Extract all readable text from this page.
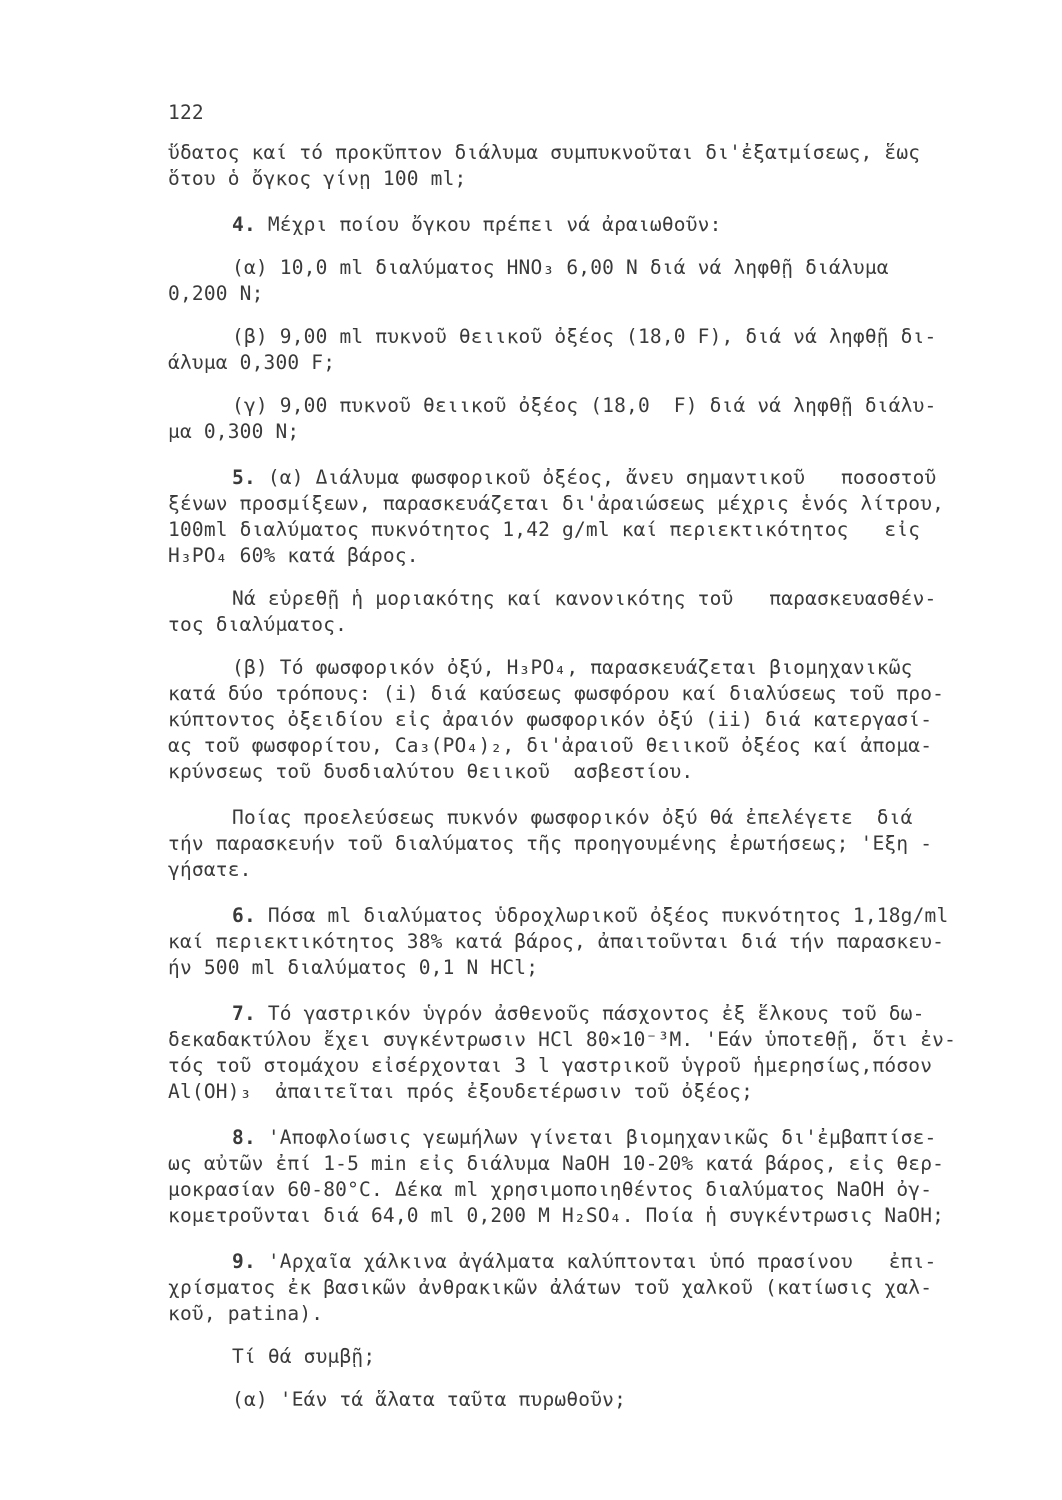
122
ὕδατος καί τό προκῦπτον διάλυμα συμπυκνοῦται δι'ἐξατμίσεως, ἕως
ὅτου ὁ ὄγκος γίνῃ 100 ml;
4. Μέχρι ποίου ὄγκου πρέπει νά ἀραιωθοῦν:
(α) 10,0 ml διαλύματος HNO₃ 6,00 N διά νά ληφθῇ διάλυμα
0,200 N;
(β) 9,00 ml πυκνοῦ θειικοῦ ὀξέος (18,0 F), διά νά ληφθῇ δι-
άλυμα 0,300 F;
(γ) 9,00 πυκνοῦ θειικοῦ ὀξέος (18,0  F) διά νά ληφθῇ διάλυ-
μα 0,300 N;
5. (α) Διάλυμα φωσφορικοῦ ὀξέος, ἄνευ σημαντικοῦ   ποσοστοῦ
ξένων προσμίξεων, παρασκευάζεται δι'ἀραιώσεως μέχρις ἑνός λίτρου,
100ml διαλύματος πυκνότητος 1,42 g/ml καί περιεκτικότητος   εἰς
H₃PO₄ 60% κατά βάρος.
Νά εὑρεθῇ ἡ μοριακότης καί κανονικότης τοῦ   παρασκευασθέν-
τος διαλύματος.
(β) Τό φωσφορικόν ὀξύ, H₃PO₄, παρασκευάζεται βιομηχανικῶς
κατά δύο τρόπους: (i) διά καύσεως φωσφόρου καί διαλύσεως τοῦ προ-
κύπτοντος ὀξειδίου εἰς ἀραιόν φωσφορικόν ὀξύ (ii) διά κατεργασί-
ας τοῦ φωσφορίτου, Ca₃(PO₄)₂, δι'ἀραιοῦ θειικοῦ ὀξέος καί ἀπομα-
κρύνσεως τοῦ δυσδιαλύτου θειικοῦ  ασβεστίου.
Ποίας προελεύσεως πυκνόν φωσφορικόν ὀξύ θά ἐπελέγετε  διά
τήν παρασκευήν τοῦ διαλύματος τῆς προηγουμένης ἐρωτήσεως; 'Εξη -
γήσατε.
6. Πόσα ml διαλύματος ὑδροχλωρικοῦ ὀξέος πυκνότητος 1,18g/ml
καί περιεκτικότητος 38% κατά βάρος, ἀπαιτοῦνται διά τήν παρασκευ-
ήν 500 ml διαλύματος 0,1 N HCl;
7. Τό γαστρικόν ὑγρόν ἀσθενοῦς πάσχοντος ἐξ ἕλκους τοῦ δω-
δεκαδακτύλου ἔχει συγκέντρωσιν HCl 80×10⁻³M. 'Εάν ὑποτεθῇ, ὅτι ἐν-
τός τοῦ στομάχου εἰσέρχονται 3 l γαστρικοῦ ὑγροῦ ἡμερησίως,πόσον
Al(OH)₃  ἀπαιτεῖται πρός ἐξουδετέρωσιν τοῦ ὀξέος;
8. 'Αποφλοίωσις γεωμήλων γίνεται βιομηχανικῶς δι'ἐμβαπτίσε-
ως αὐτῶν ἐπί 1-5 min εἰς διάλυμα NaOH 10-20% κατά βάρος, εἰς θερ-
μοκρασίαν 60-80°C. Δέκα ml χρησιμοποιηθέντος διαλύματος NaOH ὀγ-
κομετροῦνται διά 64,0 ml 0,200 M H₂SO₄. Ποία ἡ συγκέντρωσις NaOH;
9. 'Αρχαῖα χάλκινα ἀγάλματα καλύπτονται ὑπό πρασίνου   ἐπι-
χρίσματος ἐκ βασικῶν ἀνθρακικῶν ἀλάτων τοῦ χαλκοῦ (κατίωσις χαλ-
κοῦ, patina).
Τί θά συμβῇ;
(α) 'Εάν τά ἅλατα ταῦτα πυρωθοῦν;
